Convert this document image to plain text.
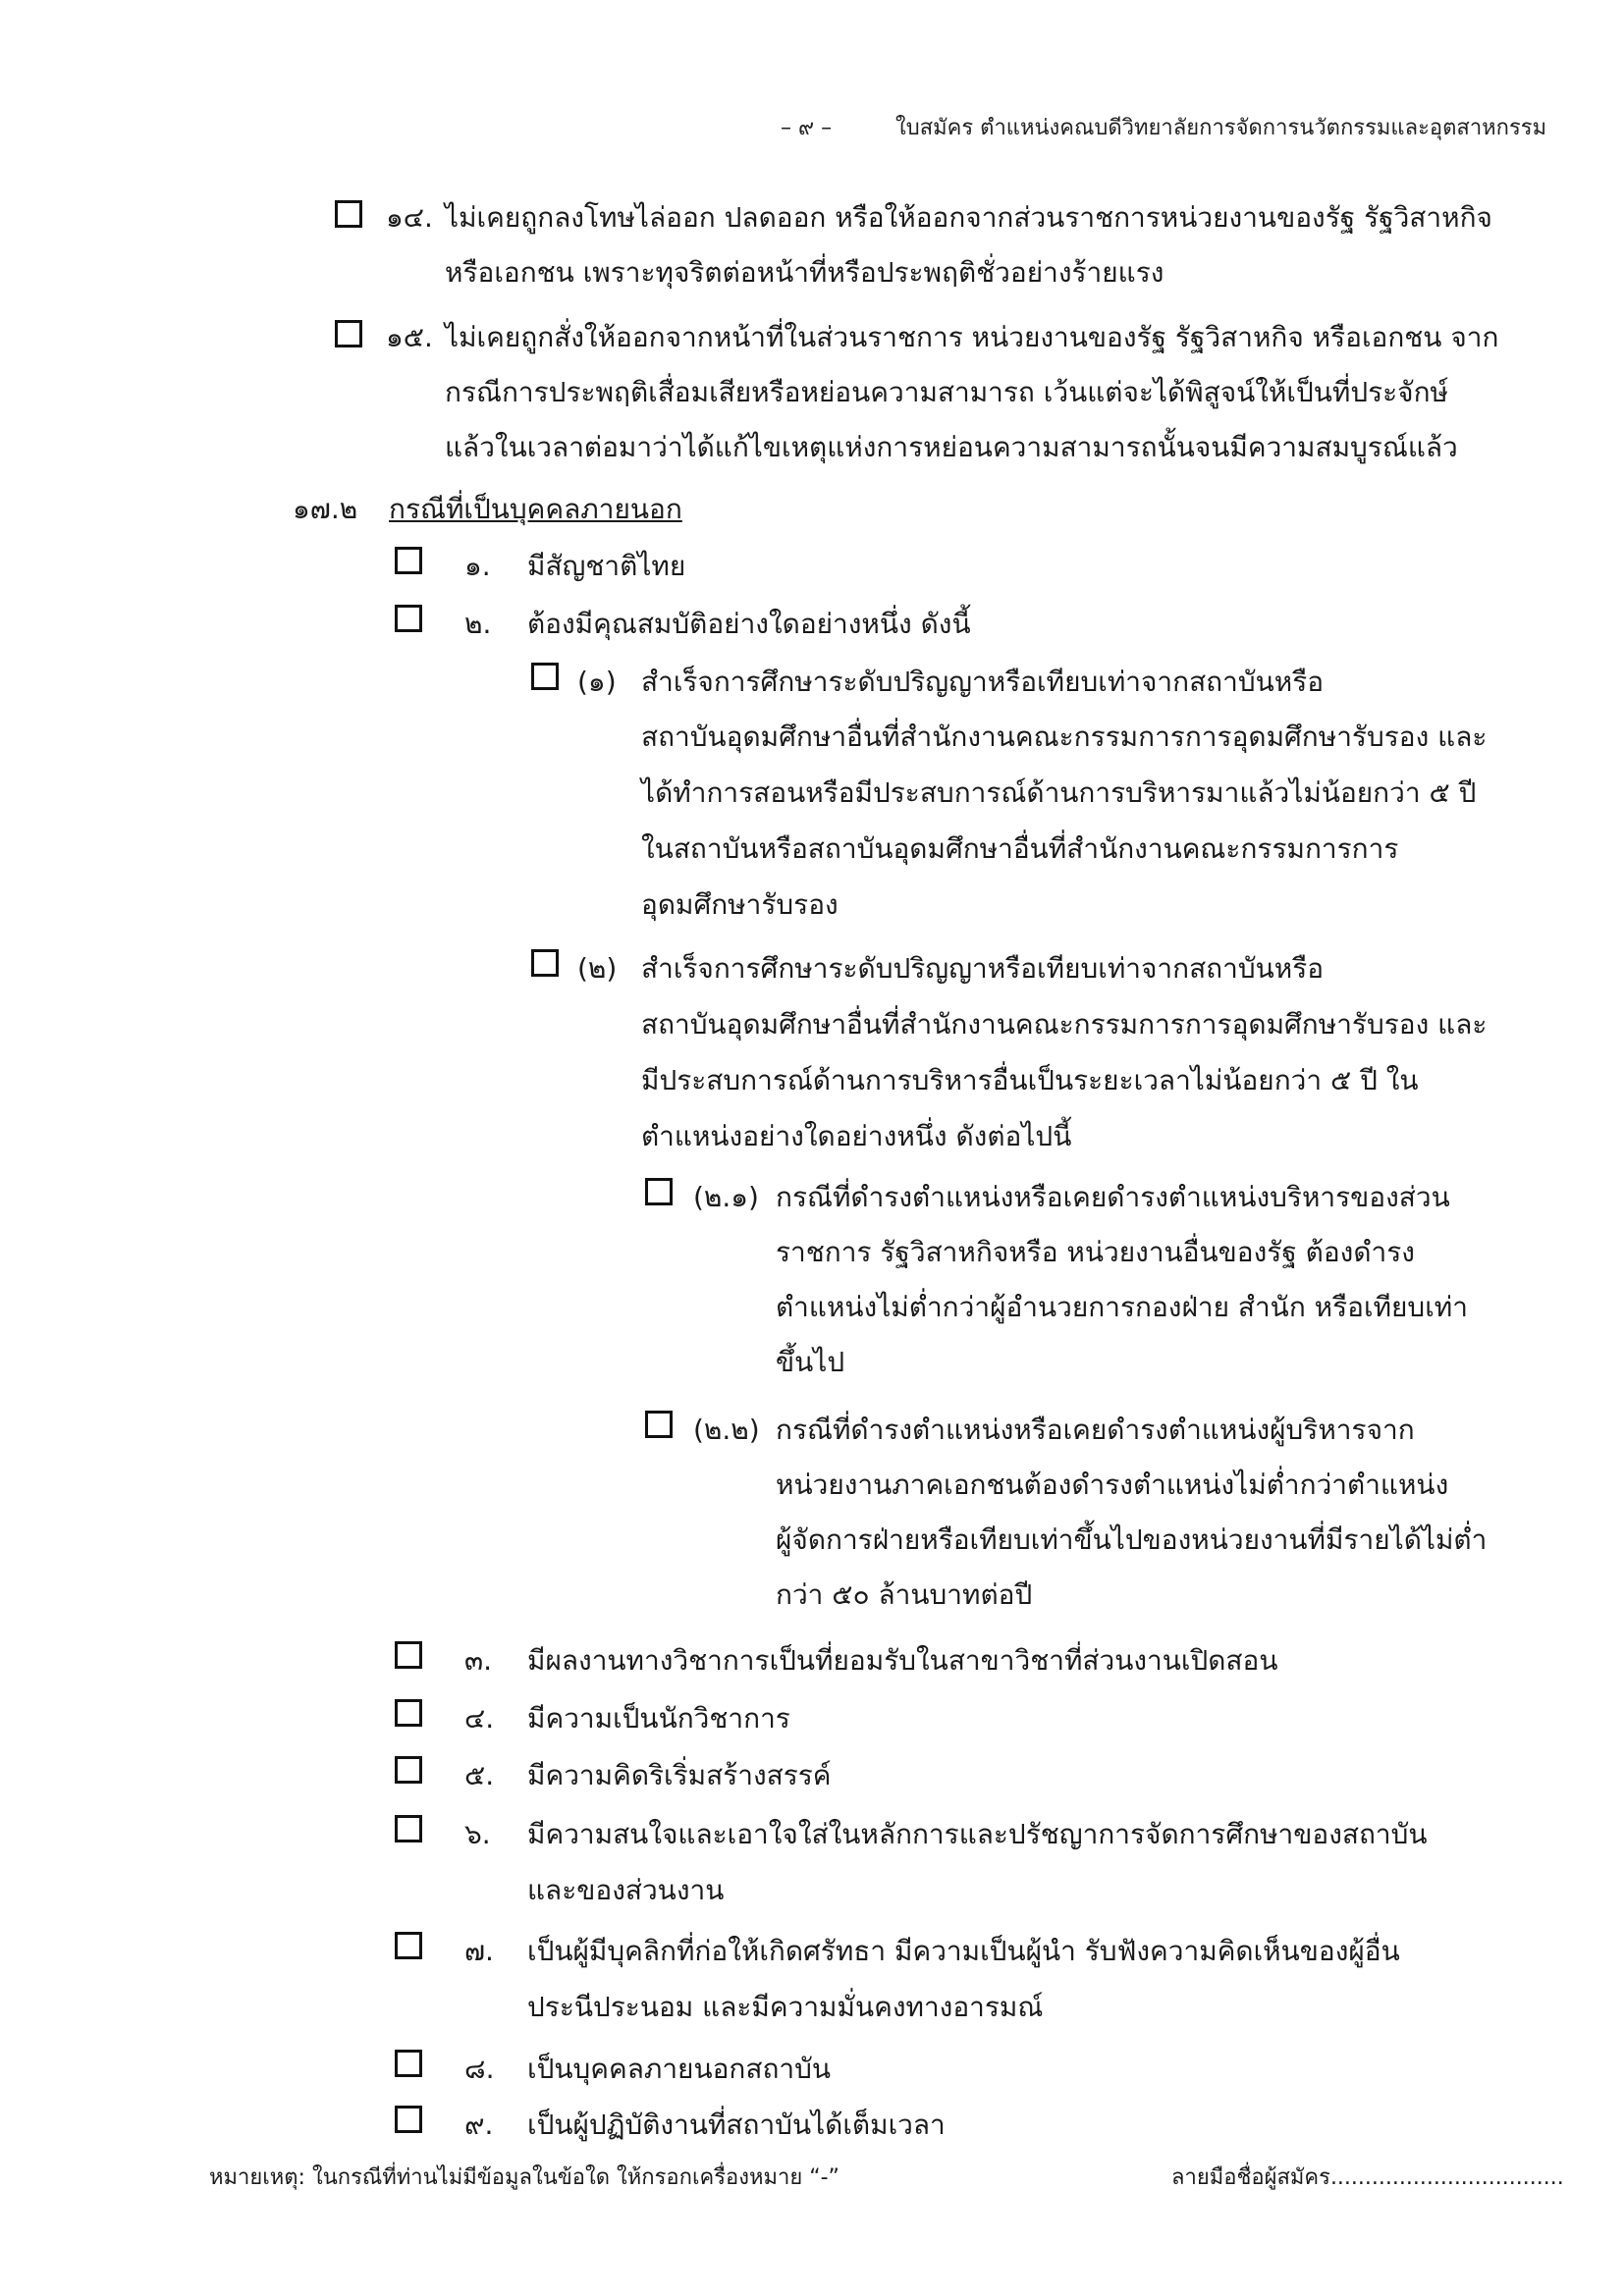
– ๙ –	ใบสมัคร ตำแหน่งคณบดีวิทยาลัยการจัดการนวัตกรรมและอุตสาหกรรม
๑๔. ไม่เคยถูกลงโทษไล่ออก ปลดออก หรือให้ออกจากส่วนราชการหน่วยงานของรัฐ รัฐวิสาหกิจ
หรือเอกชน เพราะทุจริตต่อหน้าที่หรือประพฤติชั่วอย่างร้ายแรง
๑๕. ไม่เคยถูกสั่งให้ออกจากหน้าที่ในส่วนราชการ หน่วยงานของรัฐ รัฐวิสาหกิจ หรือเอกชน จาก
กรณีการประพฤติเสื่อมเสียหรือหย่อนความสามารถ เว้นแต่จะได้พิสูจน์ให้เป็นที่ประจักษ์
แล้วในเวลาต่อมาว่าได้แก้ไขเหตุแห่งการหย่อนความสามารถนั้นจนมีความสมบูรณ์แล้ว
๑๗.๒ กรณีที่เป็นบุคคลภายนอก
๑. มีสัญชาติไทย
๒. ต้องมีคุณสมบัติอย่างใดอย่างหนึ่ง ดังนี้
(๑) สำเร็จการศึกษาระดับปริญญาหรือเทียบเท่าจากสถาบันหรือ
สถาบันอุดมศึกษาอื่นที่สำนักงานคณะกรรมการการอุดมศึกษารับรอง และ
ได้ทำการสอนหรือมีประสบการณ์ด้านการบริหารมาแล้วไม่น้อยกว่า ๕ ปี
ในสถาบันหรือสถาบันอุดมศึกษาอื่นที่สำนักงานคณะกรรมการการ
อุดมศึกษารับรอง
(๒) สำเร็จการศึกษาระดับปริญญาหรือเทียบเท่าจากสถาบันหรือ
สถาบันอุดมศึกษาอื่นที่สำนักงานคณะกรรมการการอุดมศึกษารับรอง และ
มีประสบการณ์ด้านการบริหารอื่นเป็นระยะเวลาไม่น้อยกว่า ๕ ปี ใน
ตำแหน่งอย่างใดอย่างหนึ่ง ดังต่อไปนี้
(๒.๑) กรณีที่ดำรงตำแหน่งหรือเคยดำรงตำแหน่งบริหารของส่วน
ราชการ รัฐวิสาหกิจหรือ หน่วยงานอื่นของรัฐ ต้องดำรง
ตำแหน่งไม่ต่ำกว่าผู้อำนวยการกองฝ่าย สำนัก หรือเทียบเท่า
ขึ้นไป
(๒.๒) กรณีที่ดำรงตำแหน่งหรือเคยดำรงตำแหน่งผู้บริหารจาก
หน่วยงานภาคเอกชนต้องดำรงตำแหน่งไม่ต่ำกว่าตำแหน่ง
ผู้จัดการฝ่ายหรือเทียบเท่าขึ้นไปของหน่วยงานที่มีรายได้ไม่ต่ำ
กว่า ๕๐ ล้านบาทต่อปี
๓. มีผลงานทางวิชาการเป็นที่ยอมรับในสาขาวิชาที่ส่วนงานเปิดสอน
๔. มีความเป็นนักวิชาการ
๕. มีความคิดริเริ่มสร้างสรรค์
๖. มีความสนใจและเอาใจใส่ในหลักการและปรัชญาการจัดการศึกษาของสถาบัน
และของส่วนงาน
๗. เป็นผู้มีบุคลิกที่ก่อให้เกิดศรัทธา มีความเป็นผู้นำ รับฟังความคิดเห็นของผู้อื่น
ประนีประนอม และมีความมั่นคงทางอารมณ์
๘. เป็นบุคคลภายนอกสถาบัน
๙. เป็นผู้ปฏิบัติงานที่สถาบันได้เต็มเวลา
หมายเหตุ: ในกรณีที่ท่านไม่มีข้อมูลในข้อใด ให้กรอกเครื่องหมาย “-”	ลายมือชื่อผู้สมัคร..................................
